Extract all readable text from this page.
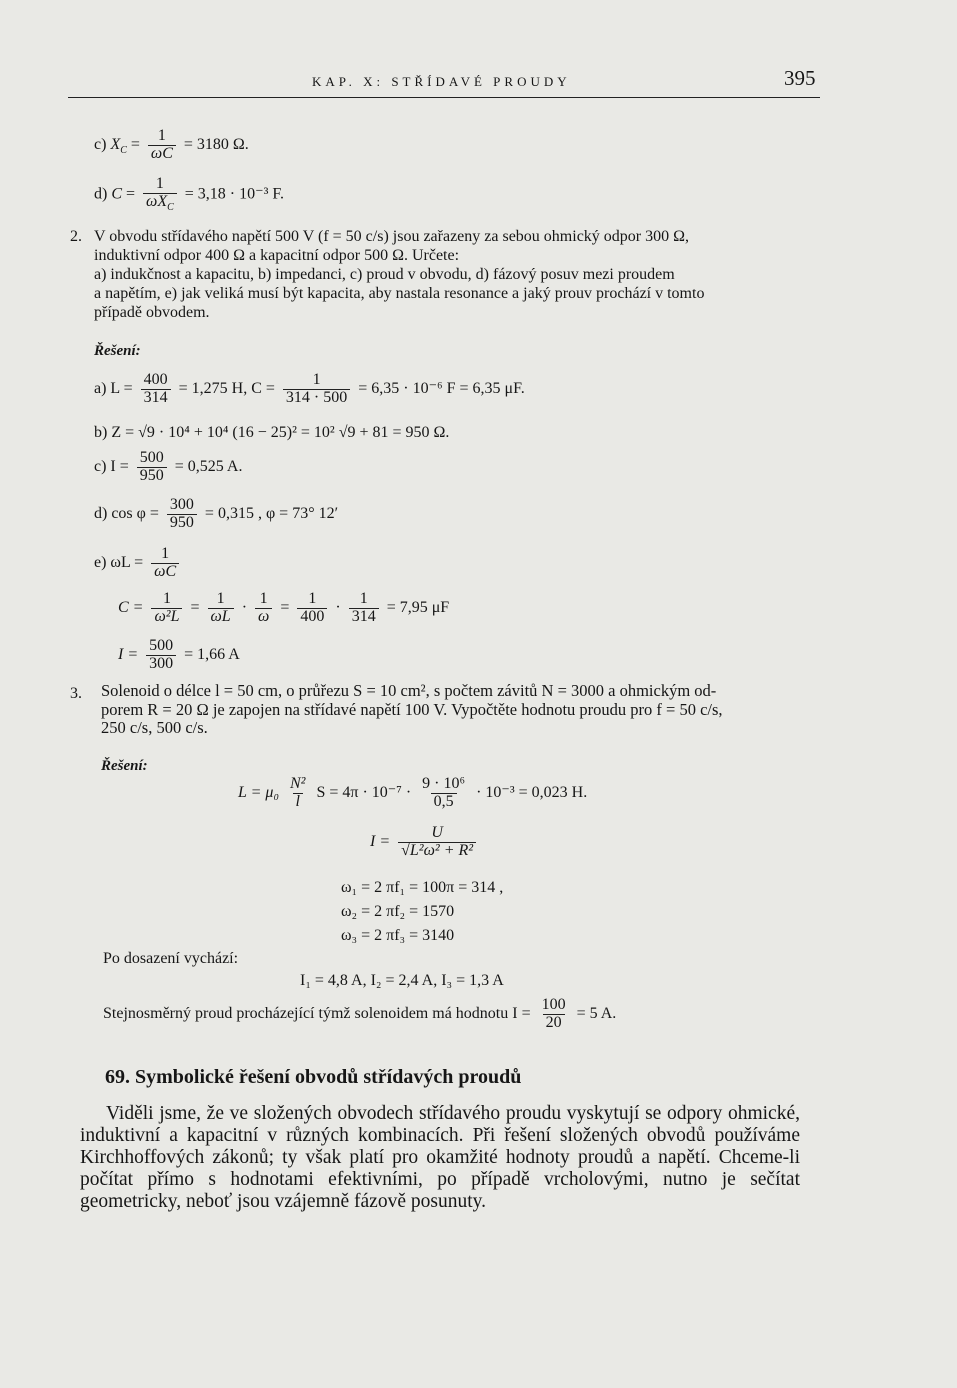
KAP. X: STŘÍDAVÉ PROUDY	395
c) $X_C = \frac{1}{\omega C} = 3180$ Ω.
d) $C = \frac{1}{\omega X_C} = 3,18 \cdot 10^{-3}$ F.
2. V obvodu střídavého napětí 500 V (f = 50 c/s) jsou zařazeny za sebou ohmický odpor 300 Ω,
induktivní odpor 400 Ω a kapacitní odpor 500 Ω. Určete:
a) indukčnost a kapacitu, b) impedanci, c) proud v obvodu, d) fázový posuv mezi proudem
a napětím, e) jak veliká musí být kapacita, aby nastala resonance a jaký prouv prochází v tomto
případě obvodem.
Řešení:
a) $L = \frac{400}{314} = 1,275$ H, $C = \frac{1}{314 \cdot 500} = 6,35 \cdot 10^{-6}$ F = 6,35 μF.
b) Z = √9 · 10⁴ + 10⁴ (16 − 25)² = 10² √9 + 81 = 950 Ω.
c) $I = \frac{500}{950} = 0,525$ A.
d) $\cos \varphi = \frac{300}{950} = 0,315$ , φ = 73° 12′
e) $\omega L = \frac{1}{\omega C}$
$C = \frac{1}{\text{ω²L}} = \frac{1}{\omega L} \cdot \frac{1}{\omega} = \frac{1}{400} \cdot \frac{1}{314} = 7,95$ μF
$I = \frac{500}{300} = 1,66$ A
3. Solenoid o délce l = 50 cm, o průřezu S = 10 cm², s počtem závitů N = 3000 a ohmickým od-
porem R = 20 Ω je zapojen na střídavé napětí 100 V. Vypočtěte hodnotu proudu pro f = 50 c/s,
250 c/s, 500 c/s.
Řešení:
$L = \mu_0 \frac{\text{N²}}{l}$ $S = 4\pi \cdot 10^{-7} \cdot \frac{\text{9 · 10⁶}}{0,5} \cdot 10^{-3} = 0,023$ H.
$I = \frac{U}{\text{√L²ω² + R²}}$
ω₁ = 2 πf₁ = 100π = 314 ,
ω₂ = 2 πf₂ = 1570
ω₃ = 2 πf₃ = 3140
Po dosazení vychází:
I₁ = 4,8 A, I₂ = 2,4 A, I₃ = 1,3 A
Stejnosměrný proud procházející týmž solenoidem má hodnotu $I = \frac{100}{20} = 5$ A.
69. Symbolické řešení obvodů střídavých proudů
Viděli jsme, že ve složených obvodech střídavého proudu vyskytují se odpory ohmické, induktivní a kapacitní v různých kombinacích. Při řešení složených obvodů používáme Kirchhoffových zákonů; ty však platí pro okamžité hodnoty proudů a napětí. Chceme-li počítat přímo s hodnotami efektivními, po případě vrcholovými, nutno je sečítat geometricky, neboť jsou vzájemně fázově posunuty.
